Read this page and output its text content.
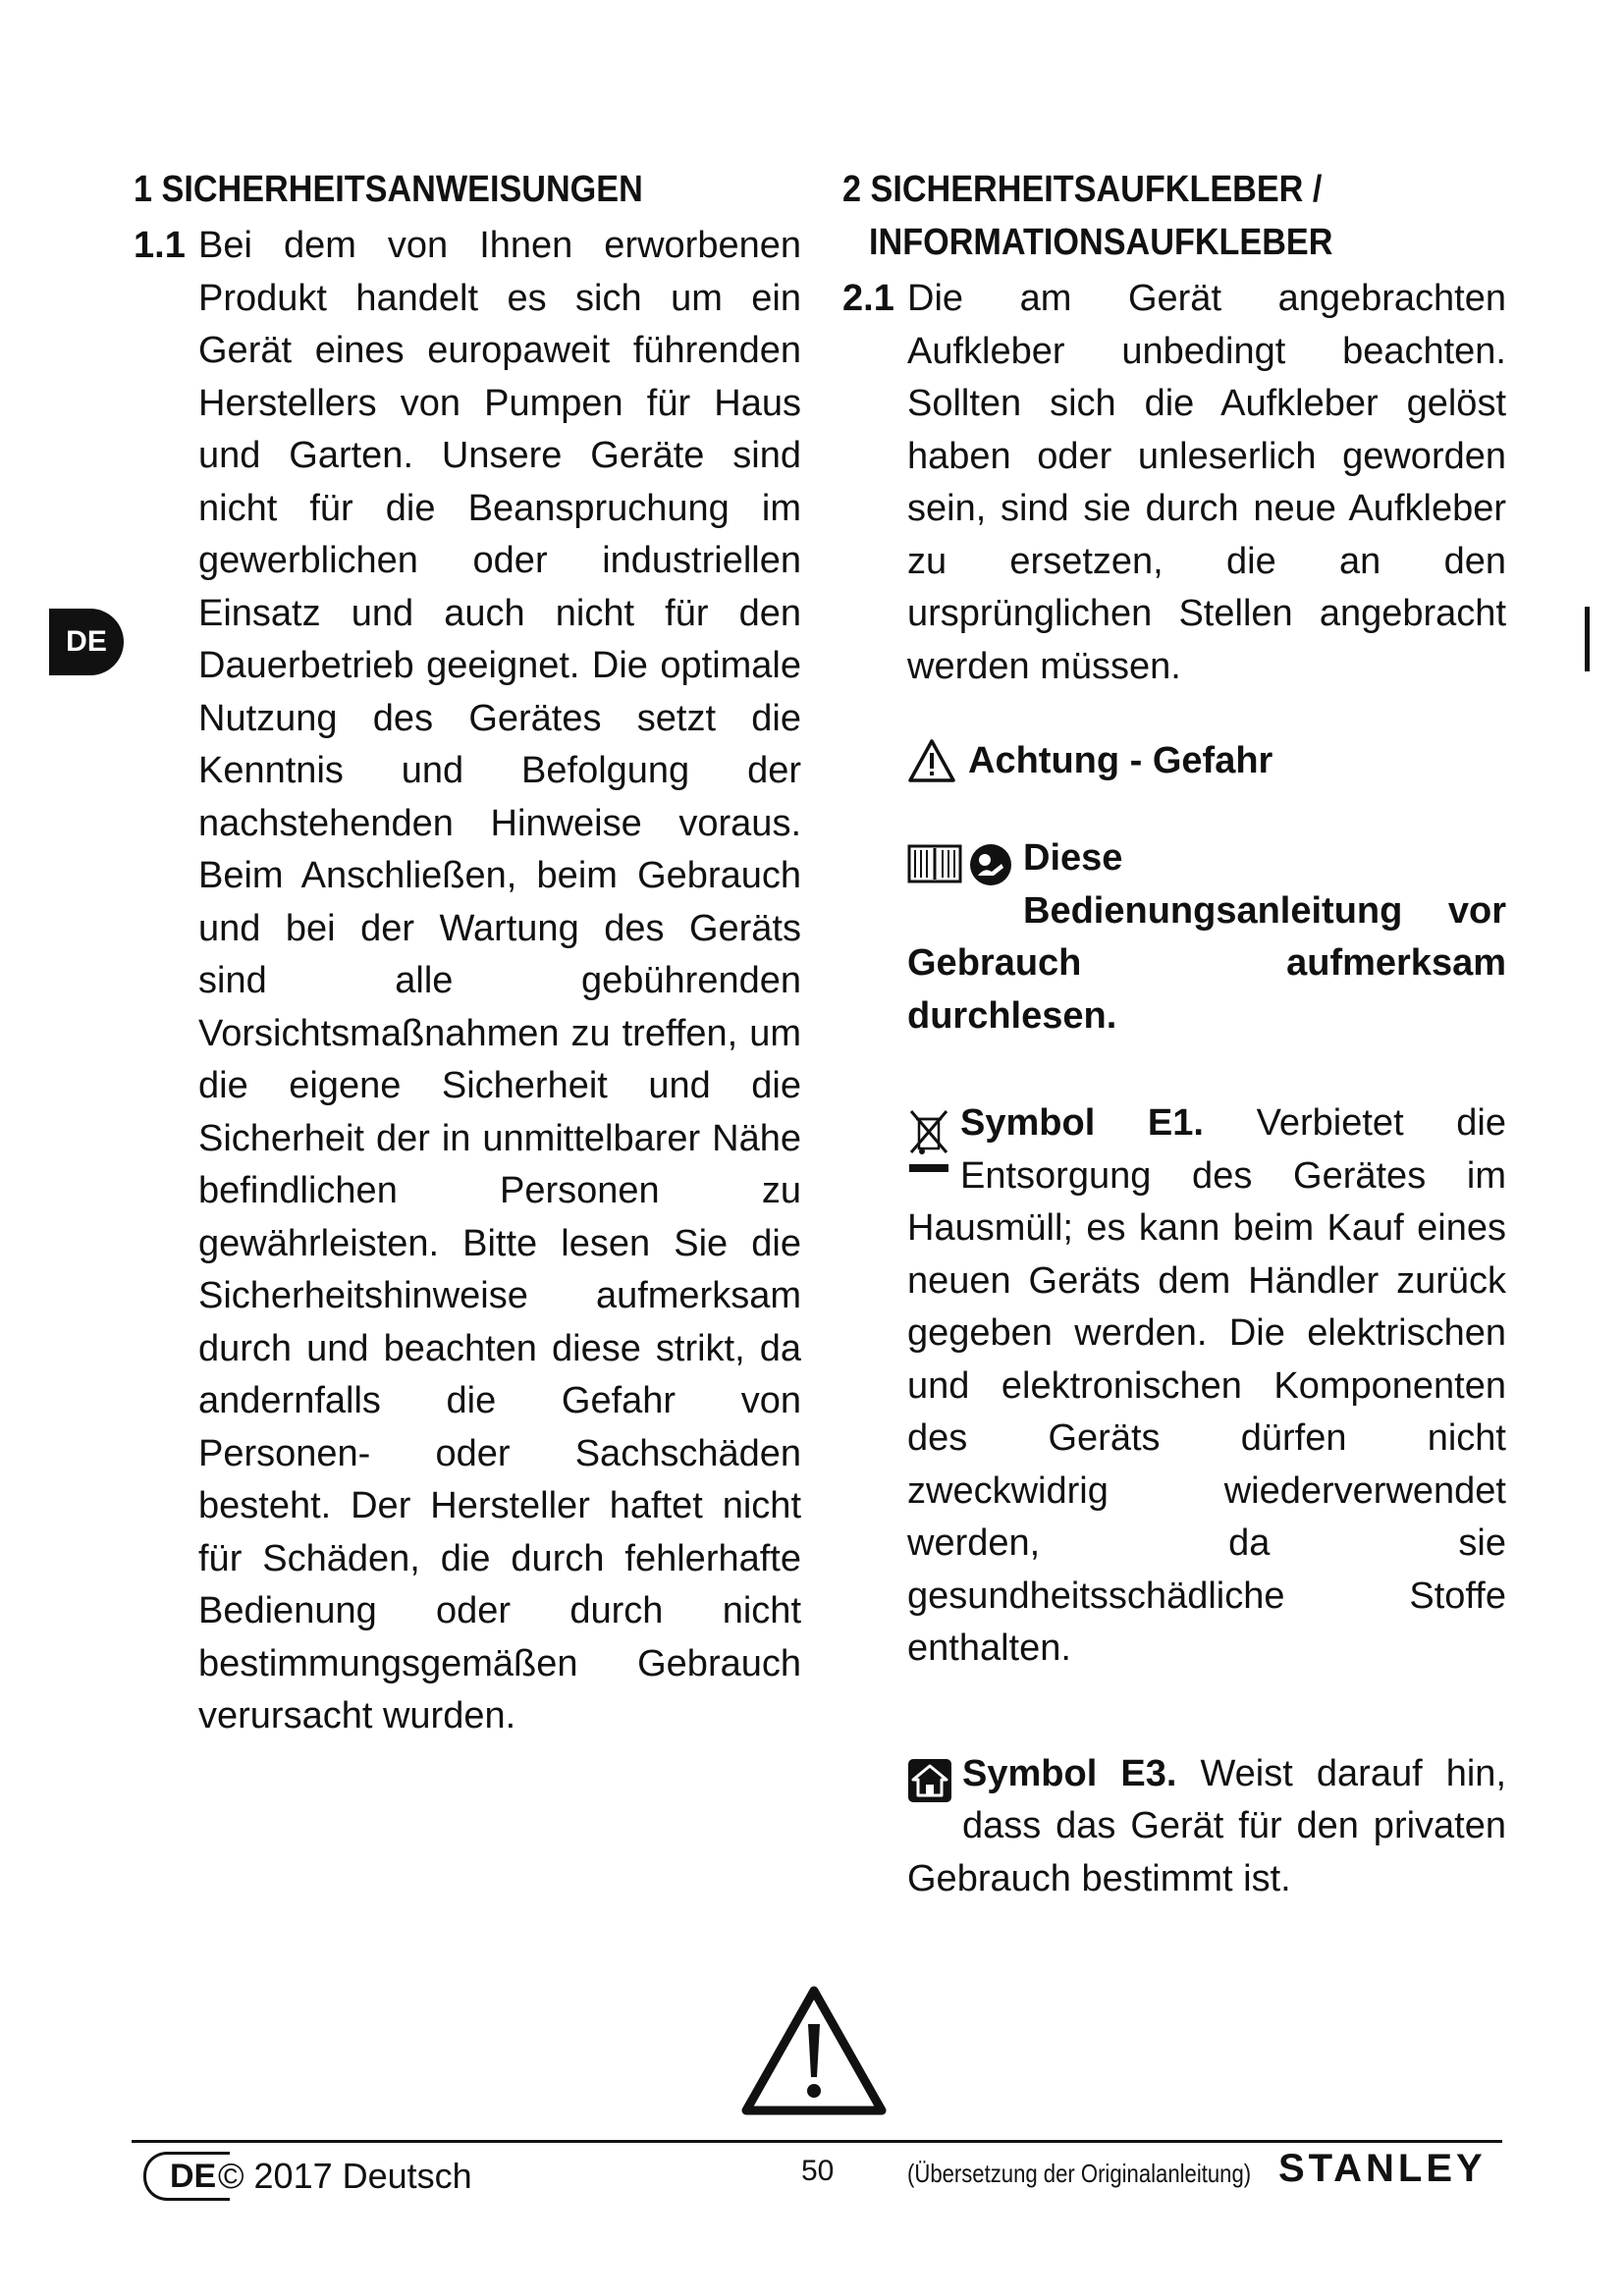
DE
1 SICHERHEITSANWEISUNGEN
1.1 Bei dem von Ihnen erworbenen Produkt handelt es sich um ein Gerät eines europaweit führenden Herstellers von Pumpen für Haus und Garten. Unsere Geräte sind nicht für die Beanspruchung im gewerblichen oder industriellen Einsatz und auch nicht für den Dauerbetrieb geeignet. Die optimale Nutzung des Gerätes setzt die Kenntnis und Befolgung der nachstehenden Hinweise voraus. Beim Anschließen, beim Gebrauch und bei der Wartung des Geräts sind alle gebührenden Vorsichtsmaßnahmen zu treffen, um die eigene Sicherheit und die Sicherheit der in unmittelbarer Nähe befindlichen Personen zu gewährleisten. Bitte lesen Sie die Sicherheitshinweise aufmerksam durch und beachten diese strikt, da andernfalls die Gefahr von Personen- oder Sachschäden besteht. Der Hersteller haftet nicht für Schäden, die durch fehlerhafte Bedienung oder durch nicht bestimmungsgemäßen Gebrauch verursacht wurden.
2 SICHERHEITSAUFKLEBER /
INFORMATIONSAUFKLEBER
2.1 Die am Gerät angebrachten Aufkleber unbedingt beachten. Sollten sich die Aufkleber gelöst haben oder unleserlich geworden sein, sind sie durch neue Aufkleber zu ersetzen, die an den ursprünglichen Stellen angebracht werden müssen.
Achtung - Gefahr
Diese Bedienungsanleitung vor Gebrauch aufmerksam durchlesen.
Symbol E1. Verbietet die Entsorgung des Gerätes im Hausmüll; es kann beim Kauf eines neuen Geräts dem Händler zurück gegeben werden. Die elektrischen und elektronischen Komponenten des Geräts dürfen nicht zweckwidrig wiederverwendet werden, da sie gesundheitsschädliche Stoffe enthalten.
Symbol E3. Weist darauf hin, dass das Gerät für den privaten Gebrauch bestimmt ist.
DE © 2017 Deutsch	50	(Übersetzung der Originalanleitung) STANLEY
